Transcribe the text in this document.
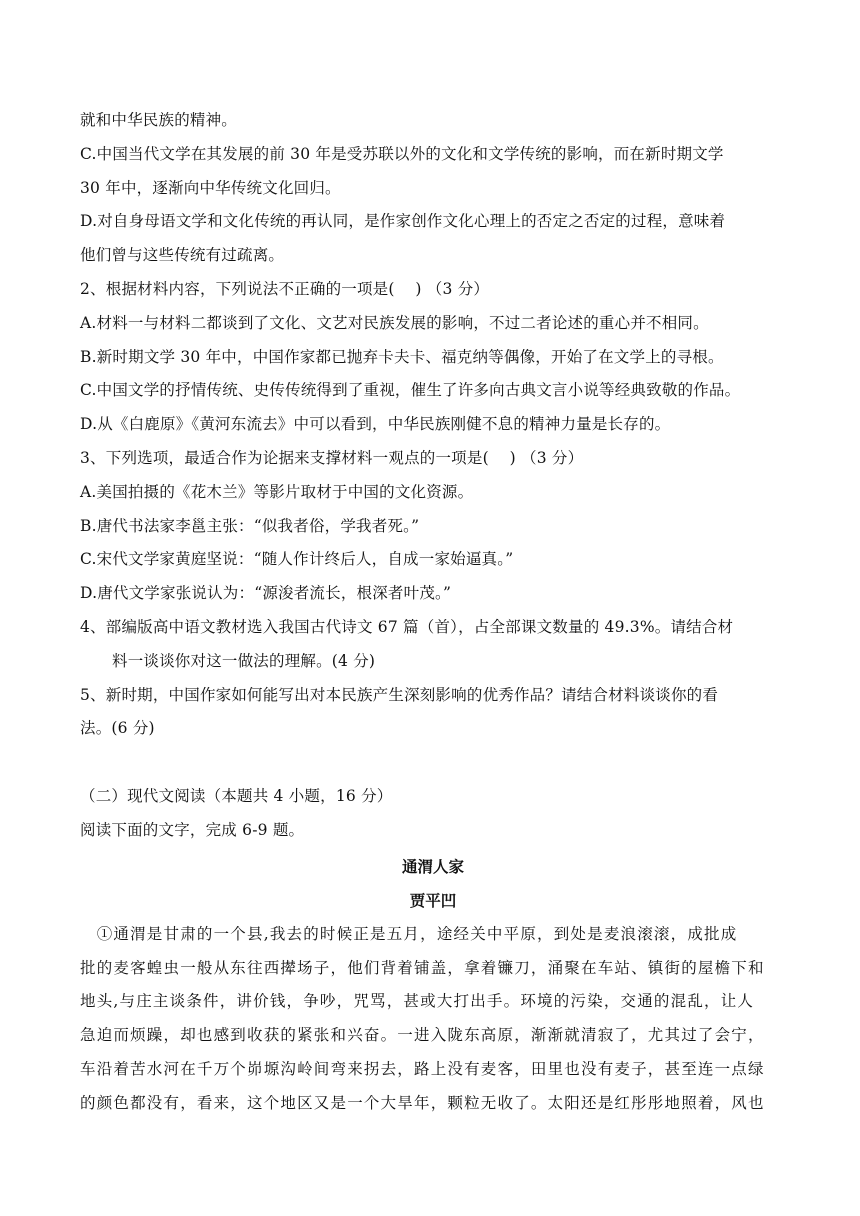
就和中华民族的精神。
C.中国当代文学在其发展的前 30 年是受苏联以外的文化和文学传统的影响，而在新时期文学
30 年中，逐渐向中华传统文化回归。
D.对自身母语文学和文化传统的再认同，是作家创作文化心理上的否定之否定的过程，意味着
他们曾与这些传统有过疏离。
2、根据材料内容，下列说法不正确的一项是(　 ) （3 分）
A.材料一与材料二都谈到了文化、文艺对民族发展的影响，不过二者论述的重心并不相同。
B.新时期文学 30 年中，中国作家都已抛弃卡夫卡、福克纳等偶像，开始了在文学上的寻根。
C.中国文学的抒情传统、史传传统得到了重视，催生了许多向古典文言小说等经典致敬的作品。
D.从《白鹿原》《黄河东流去》中可以看到，中华民族刚健不息的精神力量是长存的。
3、下列选项，最适合作为论据来支撑材料一观点的一项是(　 ) （3 分）
A.美国拍摄的《花木兰》等影片取材于中国的文化资源。
B.唐代书法家李邕主张：“似我者俗，学我者死。”
C.宋代文学家黄庭坚说：“随人作计终后人，自成一家始逼真。”
D.唐代文学家张说认为：“源浚者流长，根深者叶茂。”
4、部编版高中语文教材选入我国古代诗文 67 篇（首），占全部课文数量的 49.3%。请结合材
料一谈谈你对这一做法的理解。(4 分)
5、新时期，中国作家如何能写出对本民族产生深刻影响的优秀作品？请结合材料谈谈你的看
法。(6 分)
（二）现代文阅读（本题共 4 小题，16 分）
阅读下面的文字，完成 6-9 题。
通渭人家
贾平凹
　①通渭是甘肃的一个县,我去的时候正是五月，途经关中平原，到处是麦浪滚滚，成批成
批的麦客蝗虫一般从东往西撵场子，他们背着铺盖，拿着镰刀，涌聚在车站、镇街的屋檐下和
地头,与庄主谈条件，讲价钱，争吵，咒骂，甚或大打出手。环境的污染，交通的混乱，让人
急迫而烦躁，却也感到收获的紧张和兴奋。一进入陇东高原，渐渐就清寂了，尤其过了会宁，
车沿着苦水河在千万个峁塬沟岭间弯来拐去，路上没有麦客，田里也没有麦子，甚至连一点绿
的颜色都没有，看来，这个地区又是一个大旱年，颗粒无收了。太阳还是红彤彤地照着，风也
